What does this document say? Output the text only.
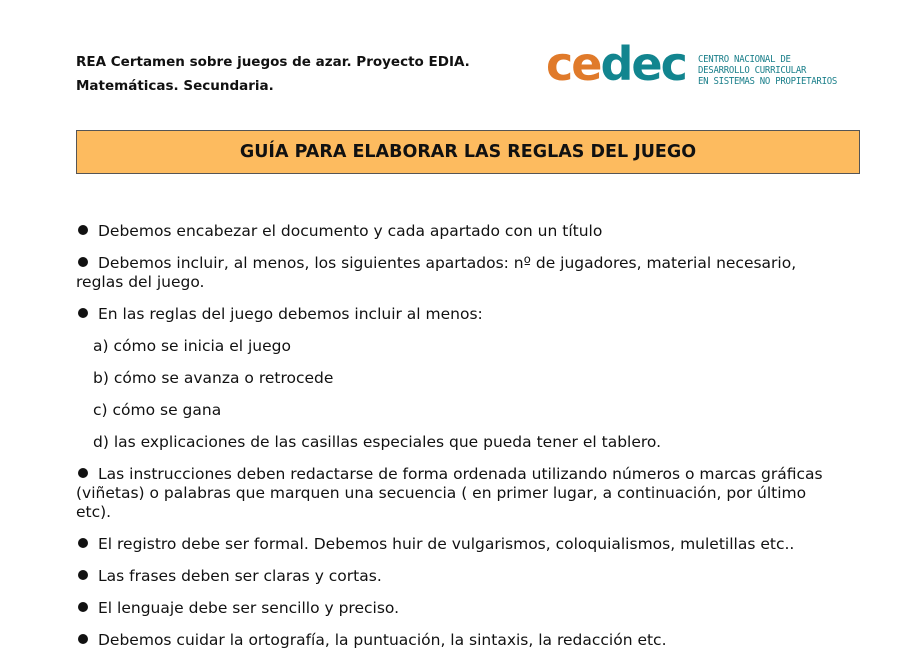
REA Certamen sobre juegos de azar. Proyecto EDIA.
Matemáticas. Secundaria.	cedec CENTRO NACIONAL DE
DESARROLLO CURRICULAR
EN SISTEMAS NO PROPIETARIOS
GUÍA PARA ELABORAR LAS REGLAS DEL JUEGO
Debemos encabezar el documento y cada apartado con un título
Debemos incluir, al menos, los siguientes apartados: nº de jugadores, material necesario, reglas del juego.
En las reglas del juego debemos incluir al menos:
a) cómo se inicia el juego
b) cómo se avanza o retrocede
c) cómo se gana
d) las explicaciones de las casillas especiales que pueda tener el tablero.
Las instrucciones deben redactarse de forma ordenada utilizando números o marcas gráficas (viñetas) o palabras que marquen una secuencia ( en primer lugar, a continuación, por último etc).
El registro debe ser formal. Debemos huir de vulgarismos, coloquialismos, muletillas etc..
Las frases deben ser claras y cortas.
El lenguaje debe ser sencillo y preciso.
Debemos cuidar la ortografía, la puntuación, la sintaxis, la redacción etc.
